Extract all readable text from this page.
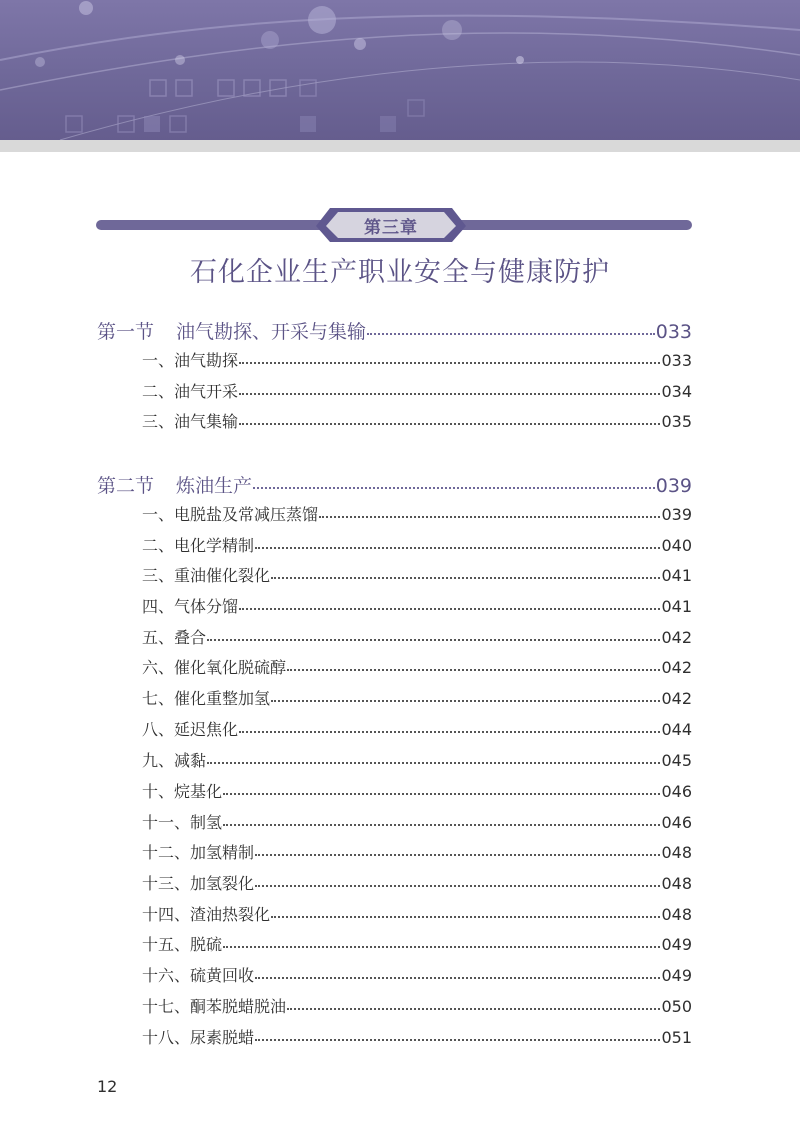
第三章
石化企业生产职业安全与健康防护
第一节 油气勘探、开采与集输	033
一、油气勘探	033
二、油气开采	034
三、油气集输	035
第二节 炼油生产	039
一、电脱盐及常减压蒸馏	039
二、电化学精制	040
三、重油催化裂化	041
四、气体分馏	041
五、叠合	042
六、催化氧化脱硫醇	042
七、催化重整加氢	042
八、延迟焦化	044
九、减黏	045
十、烷基化	046
十一、制氢	046
十二、加氢精制	048
十三、加氢裂化	048
十四、渣油热裂化	048
十五、脱硫	049
十六、硫黄回收	049
十七、酮苯脱蜡脱油	050
十八、尿素脱蜡	051
12
